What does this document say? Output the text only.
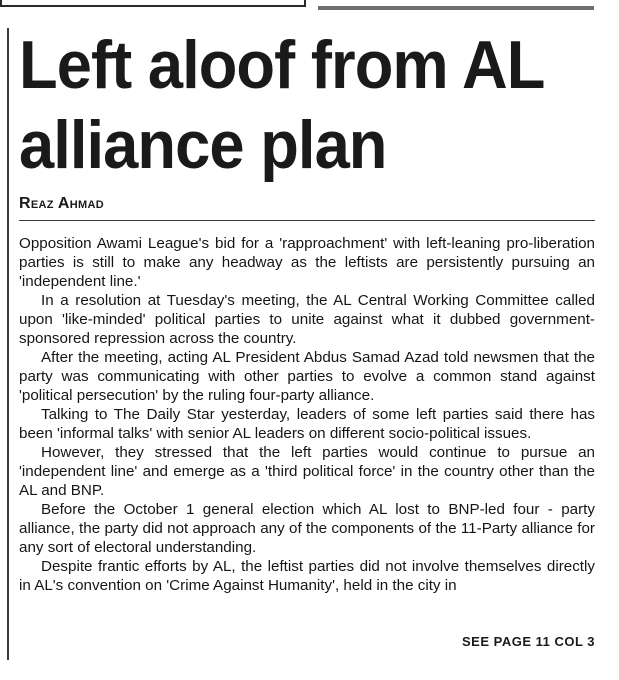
Left aloof from AL alliance plan
Reaz Ahmad

Opposition Awami League's bid for a 'rapproachment' with left-leaning pro-liberation parties is still to make any headway as the leftists are persistently pursuing an 'independent line.'

In a resolution at Tuesday's meeting, the AL Central Working Committee called upon 'like-minded' political parties to unite against what it dubbed government-sponsored repression across the country.

After the meeting, acting AL President Abdus Samad Azad told newsmen that the party was communicating with other parties to evolve a common stand against 'political persecution' by the ruling four-party alliance.

Talking to The Daily Star yesterday, leaders of some left parties said there has been 'informal talks' with senior AL leaders on different socio-political issues.

However, they stressed that the left parties would continue to pursue an 'independent line' and emerge as a 'third political force' in the country other than the AL and BNP.

Before the October 1 general election which AL lost to BNP-led four - party alliance, the party did not approach any of the components of the 11-Party alliance for any sort of electoral understanding.

Despite frantic efforts by AL, the leftist parties did not involve themselves directly in AL's convention on 'Crime Against Humanity', held in the city in

SEE PAGE 11 COL 3
